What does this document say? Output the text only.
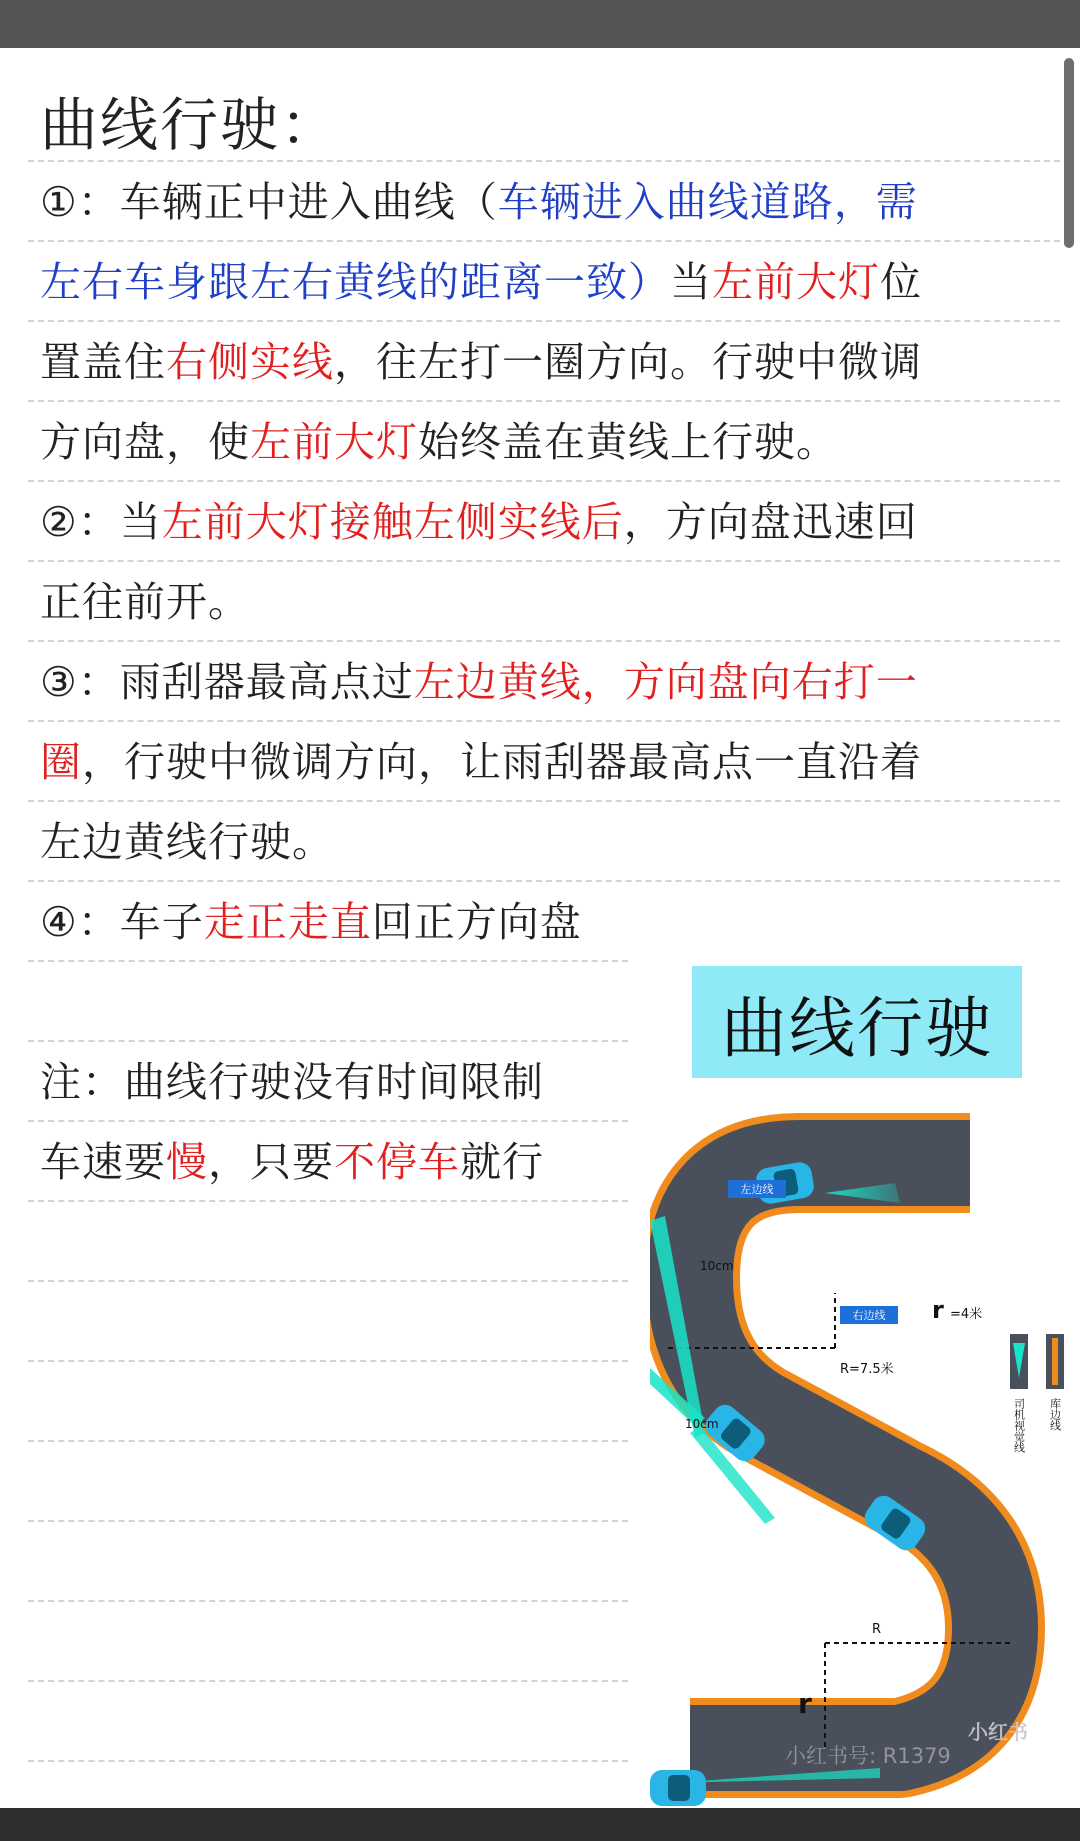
曲线行驶：
①：车辆正中进入曲线（车辆进入曲线道路，需
左右车身跟左右黄线的距离一致）当左前大灯位
置盖住右侧实线，往左打一圈方向。行驶中微调
方向盘，使左前大灯始终盖在黄线上行驶。
②：当左前大灯接触左侧实线后，方向盘迅速回
正往前开。
③：雨刮器最高点过左边黄线，方向盘向右打一
圈，行驶中微调方向，让雨刮器最高点一直沿着
左边黄线行驶。
④：车子走正走直回正方向盘
注：曲线行驶没有时间限制
车速要慢，只要不停车就行
曲线行驶
左边线
右边线
10cm
10cm
r =4米
R=7.5米
R
r
司机视觉线 库边线
小红书
小红书号: R1379
